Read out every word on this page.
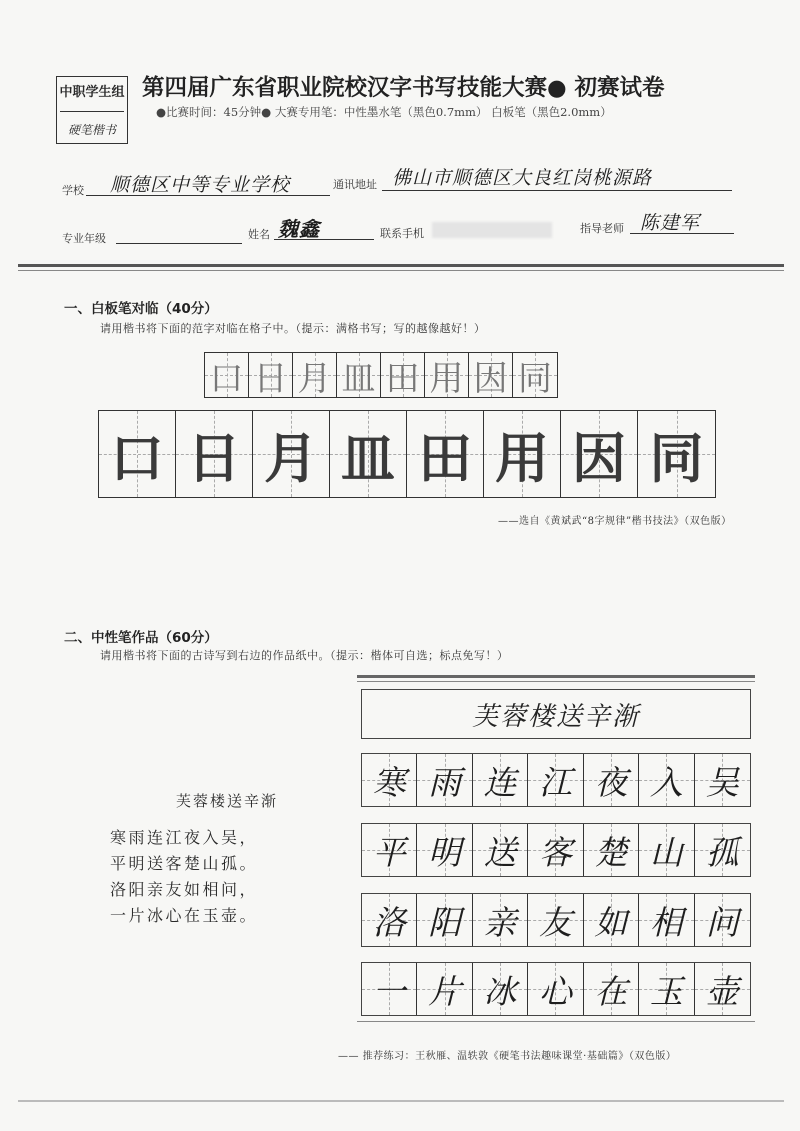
中职学生组
硬笔楷书
第四届广东省职业院校汉字书写技能大赛● 初赛试卷
●比赛时间：45分钟● 大赛专用笔：中性墨水笔（黑色0.7mm） 白板笔（黑色2.0mm）
学校 顺德区中等专业学校	通讯地址 佛山市顺德区大良红岗桃源路
专业年级	姓名 魏鑫	联系手机	指导老师 陈建军
一、白板笔对临（40分）
请用楷书将下面的范字对临在格子中。（提示：满格书写；写的越像越好！）
口 日 月 皿 田 用 因 同
口 日 月 皿 田 用 因 同
——选自《黄斌武“8字规律”楷书技法》（双色版）
二、中性笔作品（60分）
请用楷书将下面的古诗写到右边的作品纸中。（提示：楷体可自选；标点免写！）
芙蓉楼送辛渐
寒雨连江夜入吴，
平明送客楚山孤。
洛阳亲友如相问，
一片冰心在玉壶。
芙蓉楼送辛渐
寒 雨 连 江 夜 入 吴
平 明 送 客 楚 山 孤
洛 阳 亲 友 如 相 问
一 片 冰 心 在 玉 壶
—— 推荐练习：王秋雁、温轶敦《硬笔书法趣味课堂·基础篇》（双色版）
